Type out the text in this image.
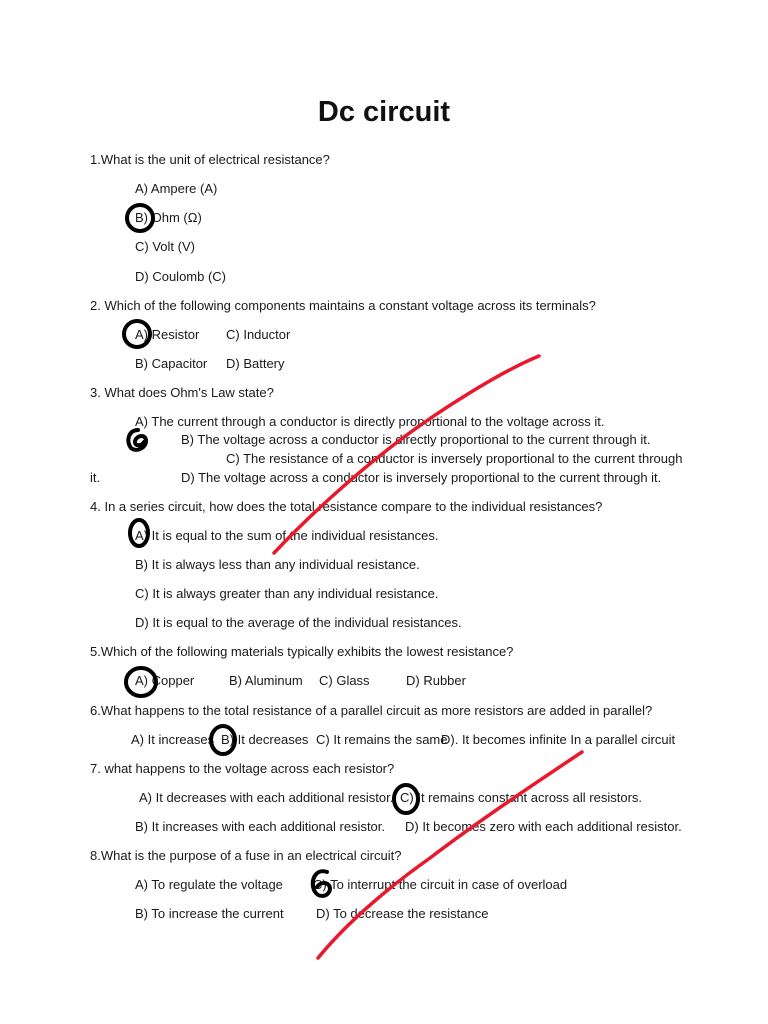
Dc circuit
1.What is the unit of electrical resistance?
A) Ampere (A)
B) Ohm (Ω)
C) Volt (V)
D) Coulomb (C)
2. Which of the following components maintains a constant voltage across its terminals?
A) Resistor C) Inductor
B) Capacitor D) Battery
3. What does Ohm's Law state?
A) The current through a conductor is directly proportional to the voltage across it.
B) The voltage across a conductor is directly proportional to the current through it.
C) The resistance of a conductor is inversely proportional to the current through
it.	D) The voltage across a conductor is inversely proportional to the current through it.
4. In a series circuit, how does the total resistance compare to the individual resistances?
A) It is equal to the sum of the individual resistances.
B) It is always less than any individual resistance.
C) It is always greater than any individual resistance.
D) It is equal to the average of the individual resistances.
5.Which of the following materials typically exhibits the lowest resistance?
A) Copper	B) Aluminum C) Glass	D) Rubber
6.What happens to the total resistance of a parallel circuit as more resistors are added in parallel?
A) It increases B) It decreases C) It remains the same
D). It becomes infinite In a parallel circuit
7. what happens to the voltage across each resistor?
A) It decreases with each additional resistor. C) It remains constant across all resistors.
B) It increases with each additional resistor. D) It becomes zero with each additional resistor.
8.What is the purpose of a fuse in an electrical circuit?
A) To regulate the voltage C) To interrupt the circuit in case of overload
B) To increase the current D) To decrease the resistance
